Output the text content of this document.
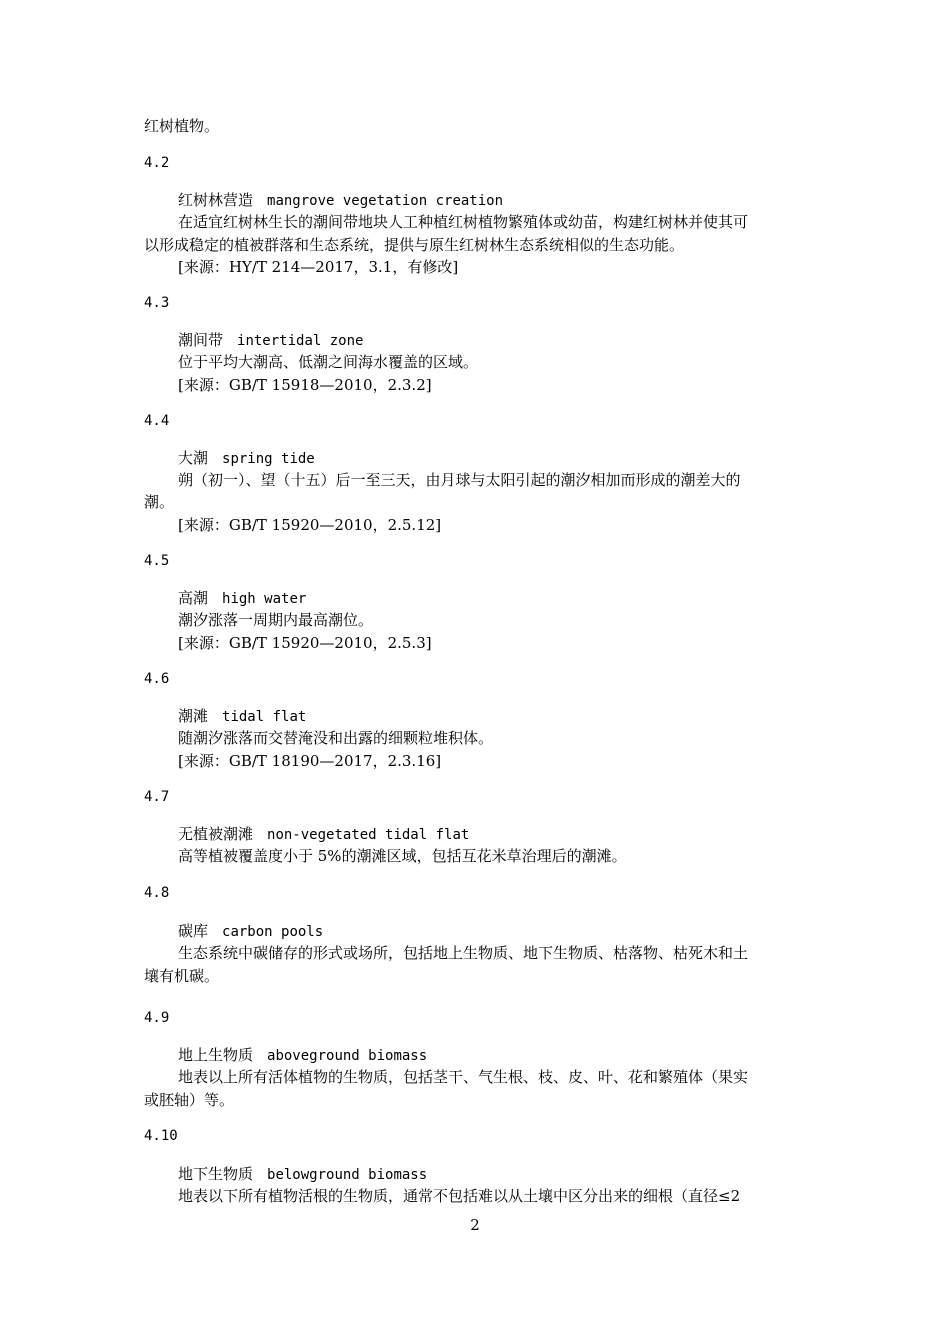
红树植物。
4.2
红树林营造 mangrove vegetation creation
在适宜红树林生长的潮间带地块人工种植红树植物繁殖体或幼苗，构建红树林并使其可
以形成稳定的植被群落和生态系统，提供与原生红树林生态系统相似的生态功能。
[来源：HY/T 214—2017，3.1，有修改]
4.3
潮间带 intertidal zone
位于平均大潮高、低潮之间海水覆盖的区域。
[来源：GB/T 15918—2010，2.3.2]
4.4
大潮 spring tide
朔（初一）、望（十五）后一至三天，由月球与太阳引起的潮汐相加而形成的潮差大的
潮。
[来源：GB/T 15920—2010，2.5.12]
4.5
高潮 high water
潮汐涨落一周期内最高潮位。
[来源：GB/T 15920—2010，2.5.3]
4.6
潮滩 tidal flat
随潮汐涨落而交替淹没和出露的细颗粒堆积体。
[来源：GB/T 18190—2017，2.3.16]
4.7
无植被潮滩 non-vegetated tidal flat
高等植被覆盖度小于 5%的潮滩区域，包括互花米草治理后的潮滩。
4.8
碳库 carbon pools
生态系统中碳储存的形式或场所，包括地上生物质、地下生物质、枯落物、枯死木和土
壤有机碳。
4.9
地上生物质 aboveground biomass
地表以上所有活体植物的生物质，包括茎干、气生根、枝、皮、叶、花和繁殖体（果实
或胚轴）等。
4.10
地下生物质 belowground biomass
地表以下所有植物活根的生物质，通常不包括难以从土壤中区分出来的细根（直径≤2
2
